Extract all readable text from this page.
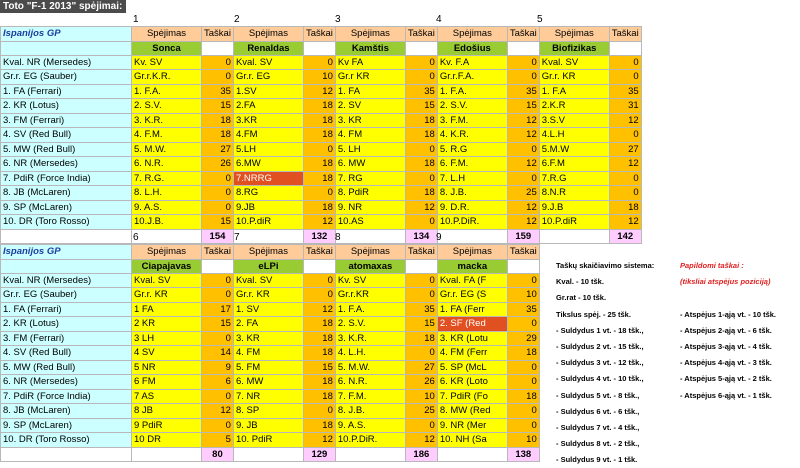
Toto "F-1 2013" spėjimai:
1	2	3	4	5
Ispanijos GP	Spėjimas	Taškai	Spėjimas	Taškai	Spėjimas	Taškai	Spėjimas	Taškai	Spėjimas	Taškai
	Sonca		Renaldas		Kamštis		Edošius		Biofizikas	
Kval. NR (Mersedes)	Kv. SV	0	Kval. SV	0	Kv FA	0	Kv. F.A	0	Kval. SV	0
Gr.r. EG (Sauber)	Gr.r.K.R.	0	Gr.r. EG	10	Gr.r KR	0	Gr.r.F.A.	0	Gr.r. KR	0
1. FA (Ferrari)	1. F.A.	35	1.SV	12	1. FA	35	1. F.A.	35	1. F.A	35
2. KR (Lotus)	2. S.V.	15	2.FA	18	2. SV	15	2. S.V.	15	2.K.R	31
3. FM (Ferrari)	3. K.R.	18	3.KR	18	3. KR	18	3. F.M.	12	3.S.V	12
4. SV (Red Bull)	4. F.M.	18	4.FM	18	4. FM	18	4. K.R.	12	4.L.H	0
5. MW (Red Bull)	5. M.W.	27	5.LH	0	5. LH	0	5. R.G	0	5.M.W	27
6. NR (Mersedes)	6. N.R.	26	6.MW	18	6. MW	18	6. F.M.	12	6.F.M	12
7. PdiR (Force India)	7. R.G.	0	7.NRRG	18	7. RG	0	7. L.H	0	7.R.G	0
8. JB (McLaren)	8. L.H.	0	8.RG	0	8. PdiR	18	8. J.B.	25	8.N.R	0
9. SP (McLaren)	9. A.S.	0	9.JB	18	9. NR	12	9. D.R.	12	9.J.B	18
10. DR (Toro Rosso)	10.J.B.	15	10.P.diR	12	10.AS	0	10.P.DiR.	12	10.P.diR	12
		154		132		134		159		142
6	7	8	9
Ispanijos GP	Spėjimas	Taškai	Spėjimas	Taškai	Spėjimas	Taškai	Spėjimas	Taškai
	Ciapajavas		eLPi		atomaxas		macka	
Kval. NR (Mersedes)	Kval. SV	0	Kval. SV	0	Kv. SV	0	Kval. FA (F	0
Gr.r. EG (Sauber)	Gr.r. KR	0	Gr.r. KR	0	Gr.r.KR	0	Gr.r. EG (S	10
1. FA (Ferrari)	1 FA	17	1. SV	12	1. F.A.	35	1. FA (Ferr	35
2. KR (Lotus)	2 KR	15	2. FA	18	2. S.V.	15	2. SF (Red	0
3. FM (Ferrari)	3 LH	0	3. KR	18	3. K.R.	18	3. KR (Lotu	29
4. SV (Red Bull)	4 SV	14	4. FM	18	4. L.H.	0	4. FM (Ferr	18
5. MW (Red Bull)	5 NR	9	5. FM	15	5. M.W.	27	5. SP (McL	0
6. NR (Mersedes)	6 FM	6	6. MW	18	6. N.R.	26	6. KR (Loto	0
7. PdiR (Force India)	7 AS	0	7. NR	18	7. F.M.	10	7. PdiR (Fo	18
8. JB (McLaren)	8 JB	12	8. SP	0	8. J.B.	25	8. MW (Red	0
9. SP (McLaren)	9 PdiR	0	9. JB	18	9. A.S.	0	9. NR (Mer	0
10. DR (Toro Rosso)	10 DR	5	10. PdiR	12	10.P.DiR.	12	10. NH (Sa	10
		80		129		186		138
Taškų skaičiavimo sistema:	Papildomi taškai :
Kval. - 10 tšk.	(tiksliai atspėjus poziciją)
Gr.rat - 10 tšk.
Tikslus spėj. - 25 tšk.	- Atspėjus 1-ąją vt. - 10 tšk.
- Suldydus 1 vt. - 18 tšk.,	- Atspėjus 2-ąją vt. - 6 tšk.
- Suldydus 2 vt. - 15 tšk.,	- Atspėjus 3-ąją vt. - 4 tšk.
- Suldydus 3 vt. - 12 tšk.,	- Atspėjus 4-ąją vt. - 3 tšk.
- Suldydus 4 vt. - 10 tšk.,	- Atspėjus 5-ąją vt. - 2 tšk.
- Suldydus 5 vt. - 8 tšk.,	- Atspėjus 6-ąją vt. - 1 tšk.
- Suldydus 6 vt. - 6 tšk.,
- Suldydus 7 vt. - 4 tšk.,
- Suldydus 8 vt. - 2 tšk.,
- Suldydus 9 vt. - 1 tšk.
